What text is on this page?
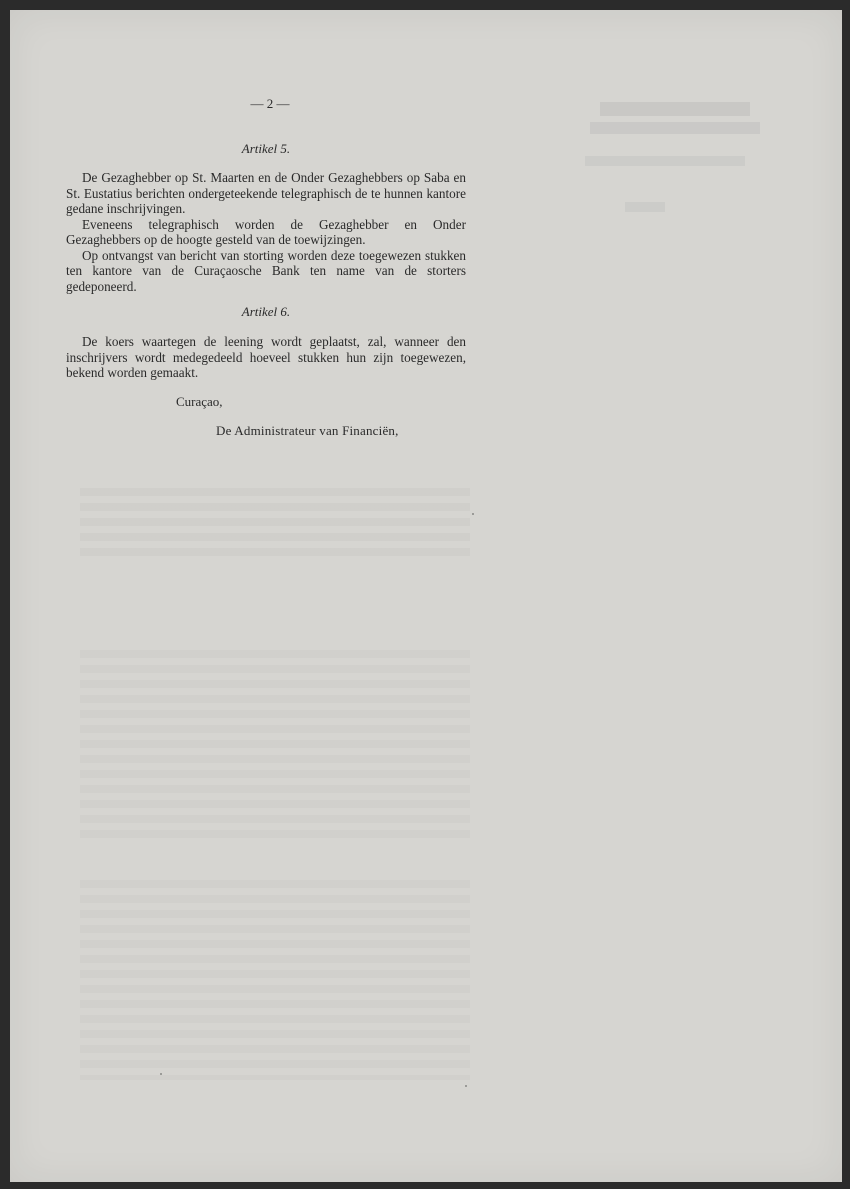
— 2 —
Artikel 5.

De Gezaghebber op St. Maarten en de Onder Gezaghebbers op Saba en St. Eustatius berichten ondergeteekende telegraphisch de te hunnen kantore gedane inschrijvingen.

Eveneens telegraphisch worden de Gezaghebber en Onder Gezaghebbers op de hoogte gesteld van de toewijzingen.

Op ontvangst van bericht van storting worden deze toegewezen stukken ten kantore van de Curaçaosche Bank ten name van de storters gedeponeerd.

Artikel 6.

De koers waartegen de leening wordt geplaatst, zal, wanneer den inschrijvers wordt medegedeeld hoeveel stukken hun zijn toegewezen, bekend worden gemaakt.

Curaçao,
De Administrateur van Financiën,
